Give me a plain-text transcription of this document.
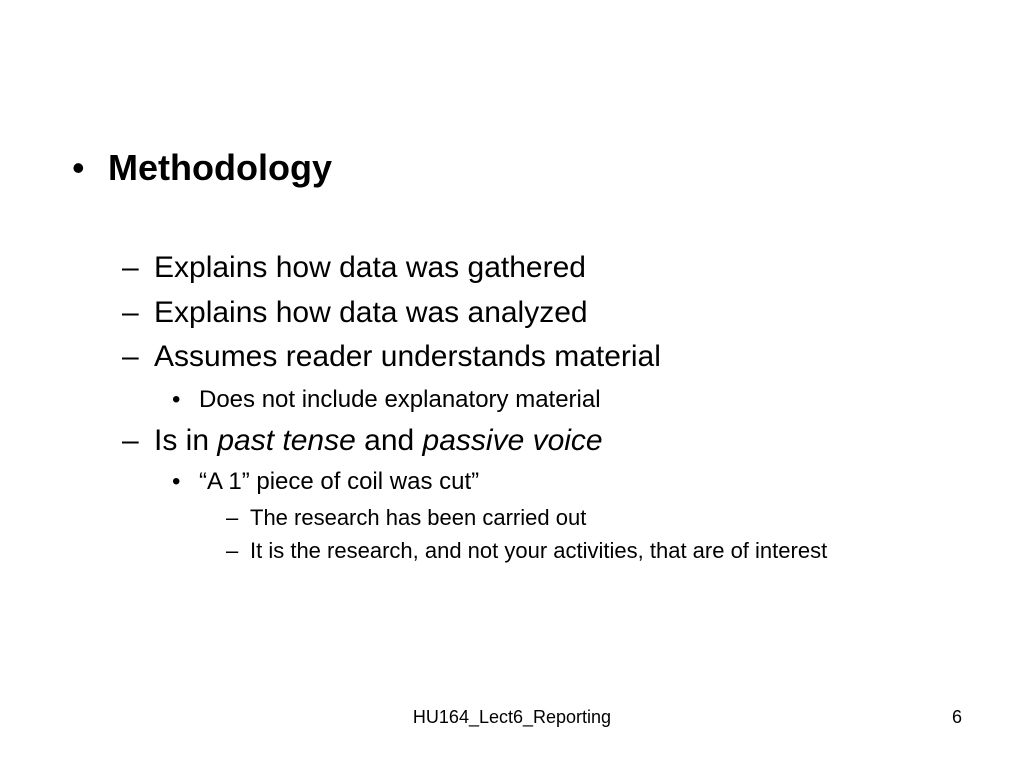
• Methodology
– Explains how data was gathered
– Explains how data was analyzed
– Assumes reader understands material
• Does not include explanatory material
– Is in past tense and passive voice
• “A 1” piece of coil was cut”
– The research has been carried out
– It is the research, and not your activities, that are of interest
HU164_Lect6_Reporting	6
